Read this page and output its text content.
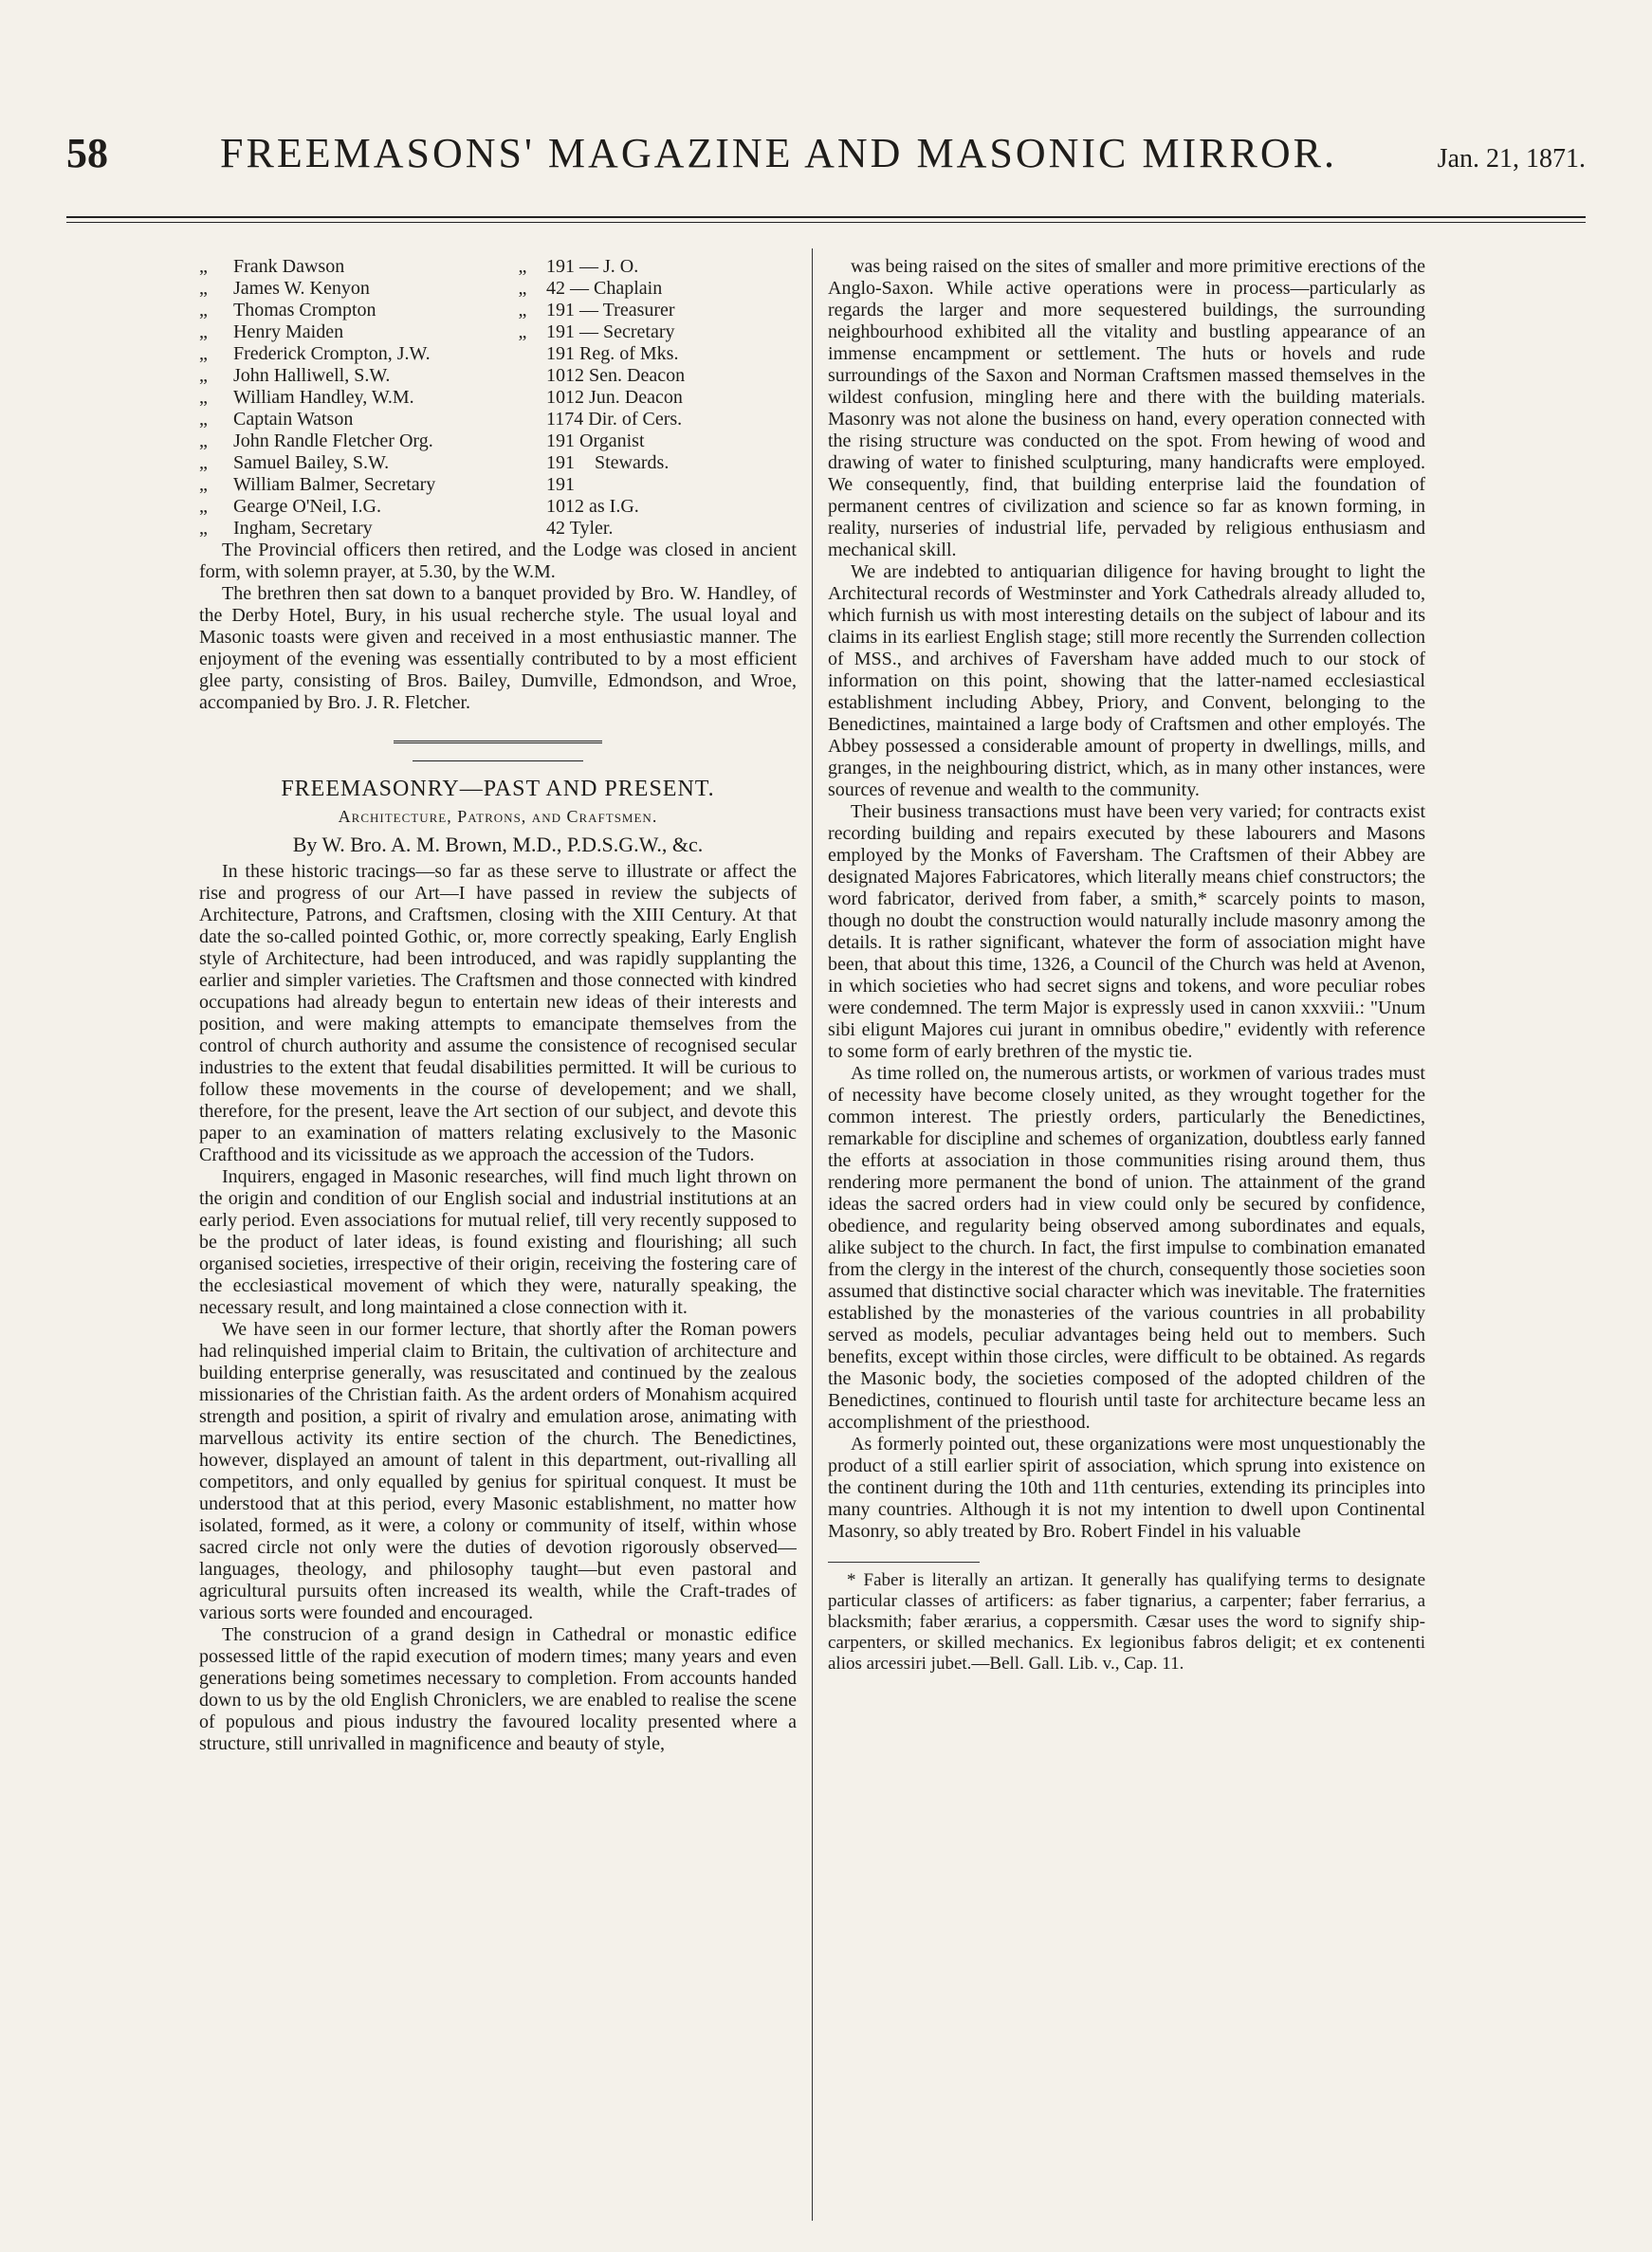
58	FREEMASONS' MAGAZINE AND MASONIC MIRROR.	Jan. 21, 1871.
„	Frank Dawson	„	191 — J. O.
„	James W. Kenyon	„	42 — Chaplain
„	Thomas Crompton	„	191 — Treasurer
„	Henry Maiden	„	191 — Secretary
„	Frederick Crompton, J.W.		191 Reg. of Mks.
„	John Halliwell, S.W.		1012 Sen. Deacon
„	William Handley, W.M.		1012 Jun. Deacon
„	Captain Watson		1174 Dir. of Cers.
„	John Randle Fletcher Org.		191 Organist
„	Samuel Bailey, S.W.		191 Stewards.
„	William Balmer, Secretary		191
„	Gearge O'Neil, I.G.		1012 as I.G.
„	Ingham, Secretary		42 Tyler.

The Provincial officers then retired, and the Lodge was closed in ancient form, with solemn prayer, at 5.30, by the W.M.

The brethren then sat down to a banquet provided by Bro. W. Handley, of the Derby Hotel, Bury, in his usual recherche style. The usual loyal and Masonic toasts were given and received in a most enthusiastic manner. The enjoyment of the evening was essentially contributed to by a most efficient glee party, consisting of Bros. Bailey, Dumville, Edmondson, and Wroe, accompanied by Bro. J. R. Fletcher.

FREEMASONRY—PAST AND PRESENT.
Architecture, Patrons, and Craftsmen.
By W. Bro. A. M. Brown, M.D., P.D.S.G.W., &c.

In these historic tracings—so far as these serve to illustrate or affect the rise and progress of our Art—I have passed in review the subjects of Architecture, Patrons, and Craftsmen, closing with the XIII Century. At that date the so-called pointed Gothic, or, more correctly speaking, Early English style of Architecture, had been introduced, and was rapidly supplanting the earlier and simpler varieties. The Craftsmen and those connected with kindred occupations had already begun to entertain new ideas of their interests and position, and were making attempts to emancipate themselves from the control of church authority and assume the consistence of recognised secular industries to the extent that feudal disabilities permitted. It will be curious to follow these movements in the course of developement; and we shall, therefore, for the present, leave the Art section of our subject, and devote this paper to an examination of matters relating exclusively to the Masonic Crafthood and its vicissitude as we approach the accession of the Tudors.

Inquirers, engaged in Masonic researches, will find much light thrown on the origin and condition of our English social and industrial institutions at an early period. Even associations for mutual relief, till very recently supposed to be the product of later ideas, is found existing and flourishing; all such organised societies, irrespective of their origin, receiving the fostering care of the ecclesiastical movement of which they were, naturally speaking, the necessary result, and long maintained a close connection with it.

We have seen in our former lecture, that shortly after the Roman powers had relinquished imperial claim to Britain, the cultivation of architecture and building enterprise generally, was resuscitated and continued by the zealous missionaries of the Christian faith. As the ardent orders of Monahism acquired strength and position, a spirit of rivalry and emulation arose, animating with marvellous activity its entire section of the church. The Benedictines, however, displayed an amount of talent in this department, out-rivalling all competitors, and only equalled by genius for spiritual conquest. It must be understood that at this period, every Masonic establishment, no matter how isolated, formed, as it were, a colony or community of itself, within whose sacred circle not only were the duties of devotion rigorously observed—languages, theology, and philosophy taught—but even pastoral and agricultural pursuits often increased its wealth, while the Craft-trades of various sorts were founded and encouraged.

The construcion of a grand design in Cathedral or monastic edifice possessed little of the rapid execution of modern times; many years and even generations being sometimes necessary to completion. From accounts handed down to us by the old English Chroniclers, we are enabled to realise the scene of populous and pious industry the favoured locality presented where a structure, still unrivalled in magnificence and beauty of style,

was being raised on the sites of smaller and more primitive erections of the Anglo-Saxon. While active operations were in process—particularly as regards the larger and more sequestered buildings, the surrounding neighbourhood exhibited all the vitality and bustling appearance of an immense encampment or settlement. The huts or hovels and rude surroundings of the Saxon and Norman Craftsmen massed themselves in the wildest confusion, mingling here and there with the building materials. Masonry was not alone the business on hand, every operation connected with the rising structure was conducted on the spot. From hewing of wood and drawing of water to finished sculpturing, many handicrafts were employed. We consequently, find, that building enterprise laid the foundation of permanent centres of civilization and science so far as known forming, in reality, nurseries of industrial life, pervaded by religious enthusiasm and mechanical skill.

We are indebted to antiquarian diligence for having brought to light the Architectural records of Westminster and York Cathedrals already alluded to, which furnish us with most interesting details on the subject of labour and its claims in its earliest English stage; still more recently the Surrenden collection of MSS., and archives of Faversham have added much to our stock of information on this point, showing that the latter-named ecclesiastical establishment including Abbey, Priory, and Convent, belonging to the Benedictines, maintained a large body of Craftsmen and other employés. The Abbey possessed a considerable amount of property in dwellings, mills, and granges, in the neighbouring district, which, as in many other instances, were sources of revenue and wealth to the community.

Their business transactions must have been very varied; for contracts exist recording building and repairs executed by these labourers and Masons employed by the Monks of Faversham. The Craftsmen of their Abbey are designated Majores Fabricatores, which literally means chief constructors; the word fabricator, derived from faber, a smith,* scarcely points to mason, though no doubt the construction would naturally include masonry among the details. It is rather significant, whatever the form of association might have been, that about this time, 1326, a Council of the Church was held at Avenon, in which societies who had secret signs and tokens, and wore peculiar robes were condemned. The term Major is expressly used in canon xxxviii.: "Unum sibi eligunt Majores cui jurant in omnibus obedire," evidently with reference to some form of early brethren of the mystic tie.

As time rolled on, the numerous artists, or workmen of various trades must of necessity have become closely united, as they wrought together for the common interest. The priestly orders, particularly the Benedictines, remarkable for discipline and schemes of organization, doubtless early fanned the efforts at association in those communities rising around them, thus rendering more permanent the bond of union. The attainment of the grand ideas the sacred orders had in view could only be secured by confidence, obedience, and regularity being observed among subordinates and equals, alike subject to the church. In fact, the first impulse to combination emanated from the clergy in the interest of the church, consequently those societies soon assumed that distinctive social character which was inevitable. The fraternities established by the monasteries of the various countries in all probability served as models, peculiar advantages being held out to members. Such benefits, except within those circles, were difficult to be obtained. As regards the Masonic body, the societies composed of the adopted children of the Benedictines, continued to flourish until taste for architecture became less an accomplishment of the priesthood.

As formerly pointed out, these organizations were most unquestionably the product of a still earlier spirit of association, which sprung into existence on the continent during the 10th and 11th centuries, extending its principles into many countries. Although it is not my intention to dwell upon Continental Masonry, so ably treated by Bro. Robert Findel in his valuable

* Faber is literally an artizan. It generally has qualifying terms to designate particular classes of artificers: as faber tignarius, a carpenter; faber ferrarius, a blacksmith; faber ærarius, a coppersmith. Cæsar uses the word to signify ship-carpenters, or skilled mechanics. Ex legionibus fabros deligit; et ex contenenti alios arcessiri jubet.—Bell. Gall. Lib. v., Cap. 11.
